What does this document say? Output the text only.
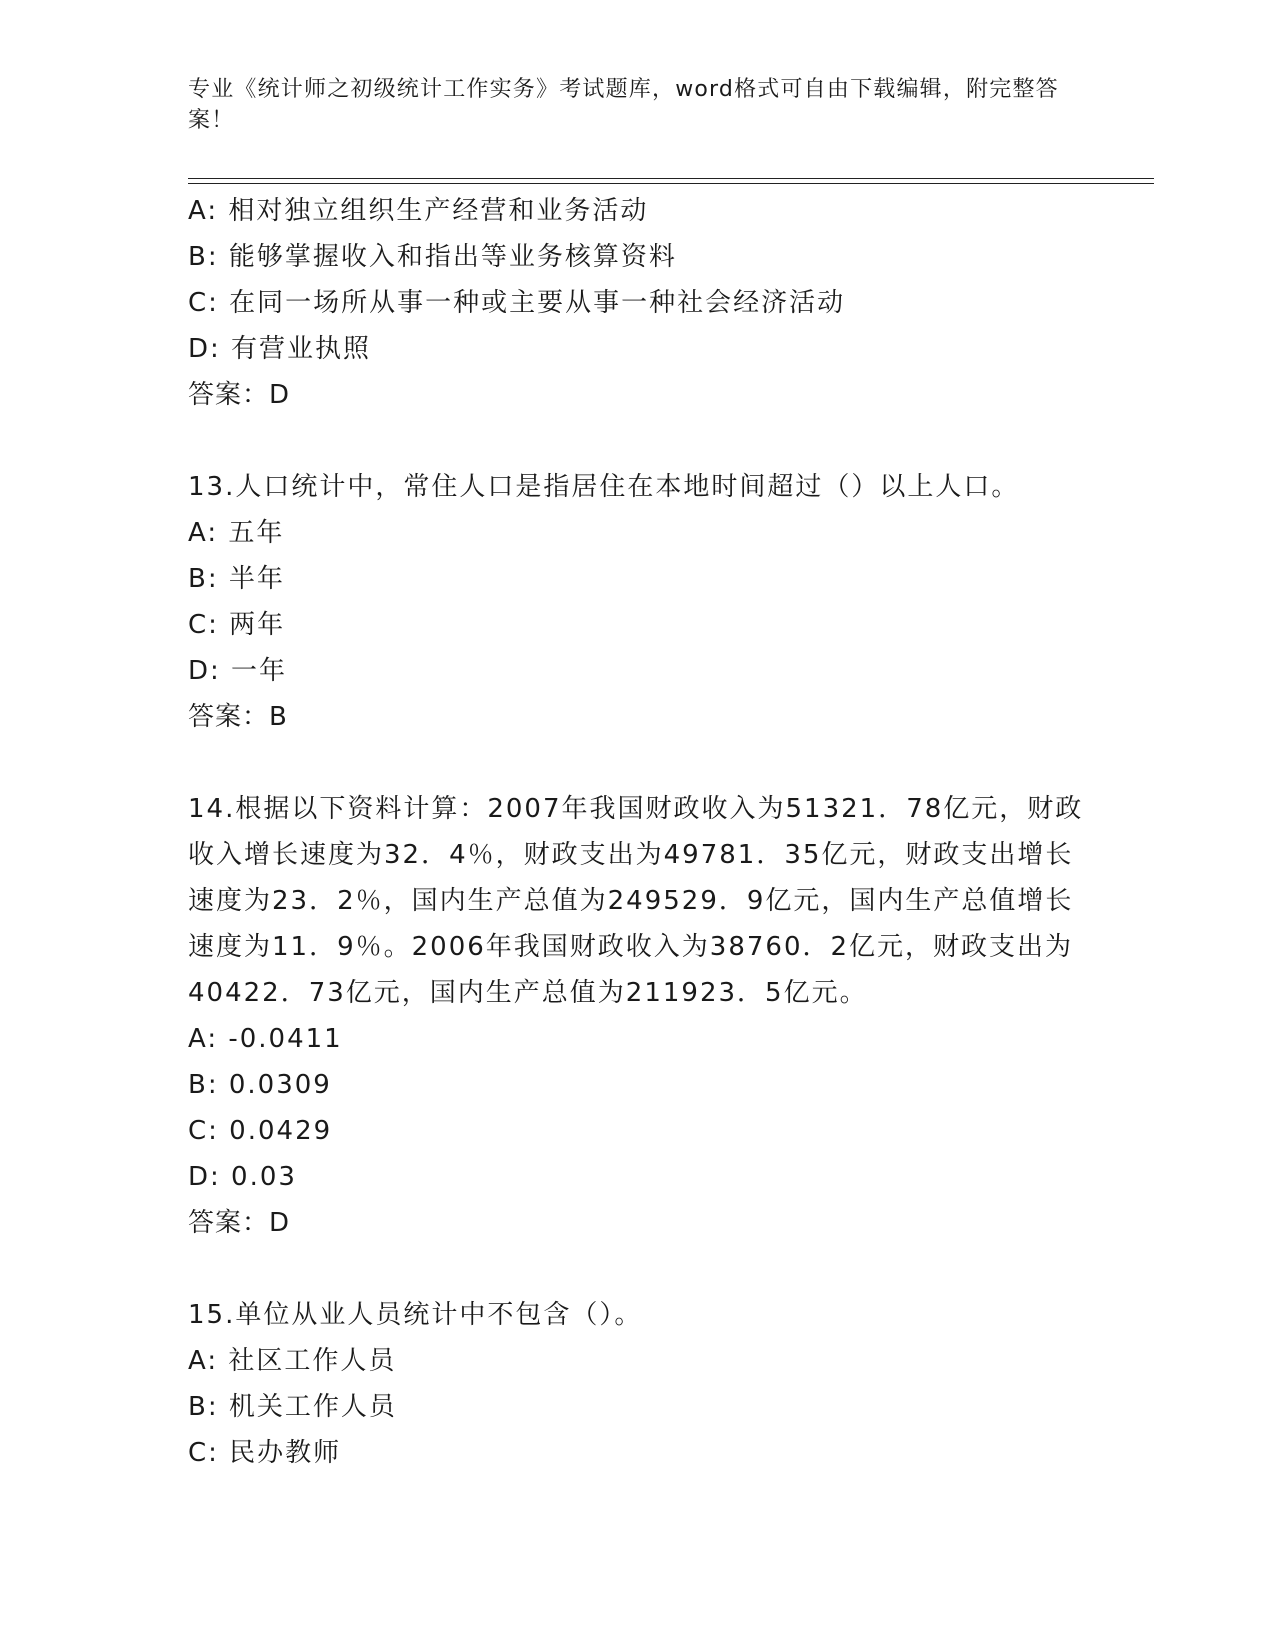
专业《统计师之初级统计工作实务》考试题库，word格式可自由下载编辑，附完整答案！
A: 相对独立组织生产经营和业务活动
B: 能够掌握收入和指出等业务核算资料
C: 在同一场所从事一种或主要从事一种社会经济活动
D: 有营业执照
答案：D
13.人口统计中，常住人口是指居住在本地时间超过（）以上人口。
A: 五年
B: 半年
C: 两年
D: 一年
答案：B
14.根据以下资料计算：2007年我国财政收入为51321．78亿元，财政
收入增长速度为32．4％，财政支出为49781．35亿元，财政支出增长
速度为23．2％，国内生产总值为249529．9亿元，国内生产总值增长
速度为11．9％。2006年我国财政收入为38760．2亿元，财政支出为
40422．73亿元，国内生产总值为211923．5亿元。
A: -0.0411
B: 0.0309
C: 0.0429
D: 0.03
答案：D
15.单位从业人员统计中不包含（）。
A: 社区工作人员
B: 机关工作人员
C: 民办教师
